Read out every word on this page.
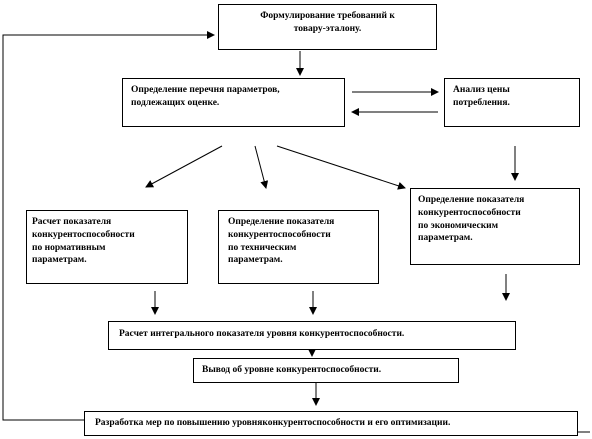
Формулирование требований к
товару-эталону.
Определение перечня параметров,
подлежащих оценке.
Анализ цены
потребления.
Расчет показателя
конкурентоспособности
по нормативным
параметрам.
Определение показателя
конкурентоспособности
по техническим
параметрам.
Определение показателя
конкурентоспособности
по экономическим
параметрам.
Расчет интегрального показателя уровня конкурентоспособности.
Вывод об уровне конкурентоспособности.
Разработка мер по повышению уровняконкурентоспособности и его оптимизации.
